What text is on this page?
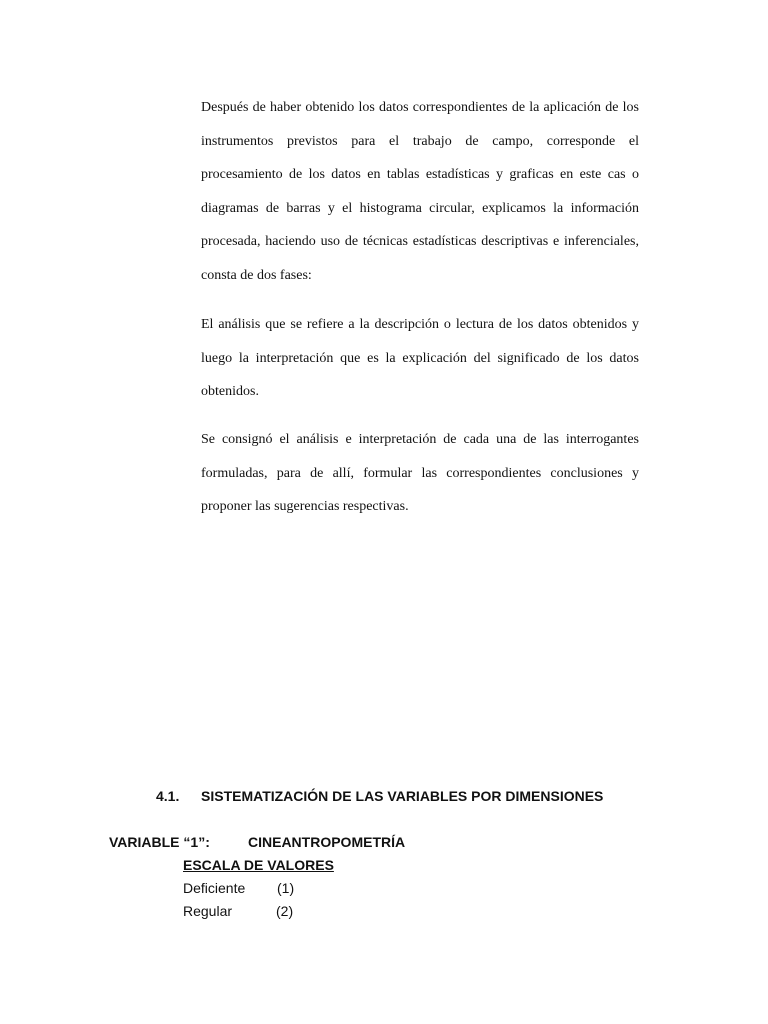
Después de haber obtenido los datos correspondientes de la aplicación de los instrumentos previstos para el trabajo de campo, corresponde el procesamiento de los datos en tablas estadísticas y graficas en este cas o diagramas de barras y el histograma circular, explicamos la información procesada, haciendo uso de técnicas estadísticas descriptivas e inferenciales, consta de dos fases:

El análisis que se refiere a la descripción o lectura de los datos obtenidos y luego la interpretación que es la explicación del significado de los datos obtenidos.

Se consignó el análisis e interpretación de cada una de las interrogantes formuladas, para de allí, formular las correspondientes conclusiones y proponer las sugerencias respectivas.

4.1. SISTEMATIZACIÓN DE LAS VARIABLES POR DIMENSIONES
VARIABLE “1”:	CINEANTROPOMETRÍA
ESCALA DE VALORES
Deficiente (1)
Regular	(2)
